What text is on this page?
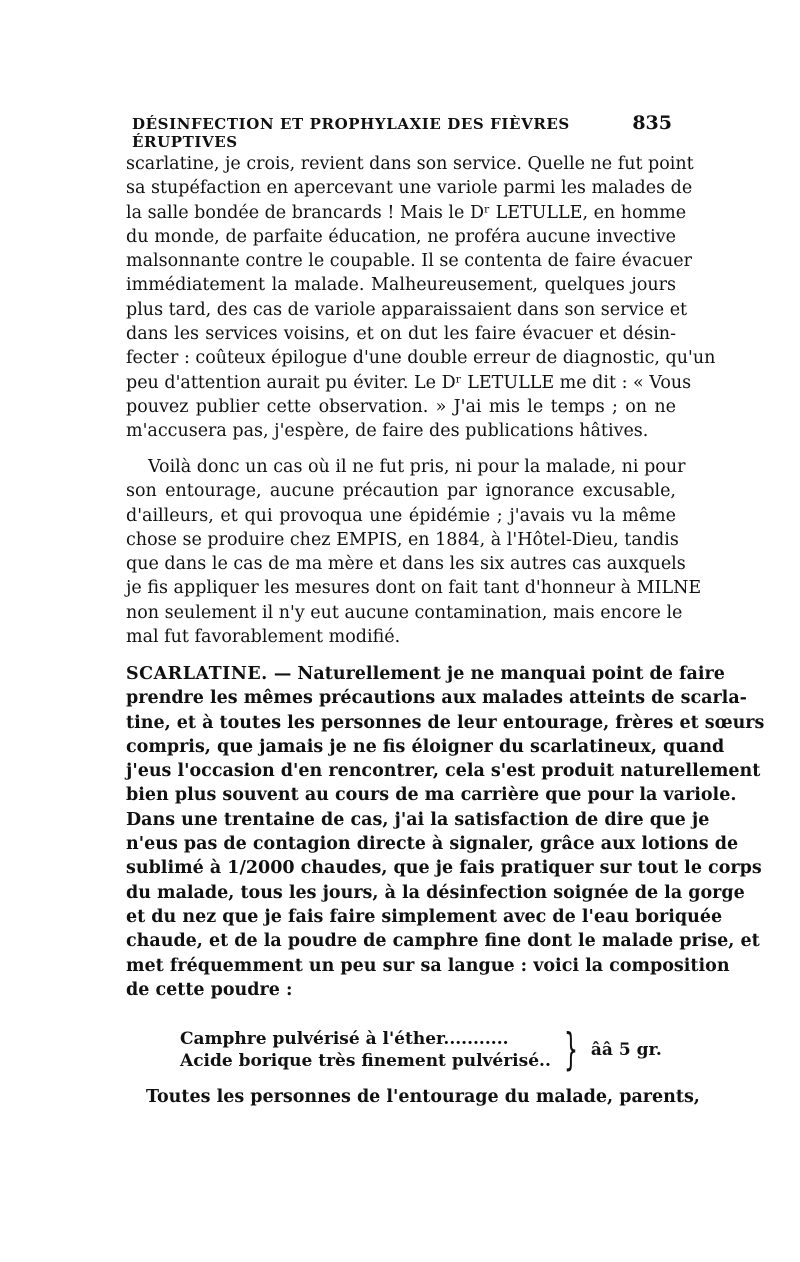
DÉSINFECTION ET PROPHYLAXIE DES FIÈVRES ÉRUPTIVES
835
scarlatine, je crois, revient dans son service. Quelle ne fut point
sa stupéfaction en apercevant une variole parmi les malades de
la salle bondée de brancards ! Mais le Dʳ LETULLE, en homme
du monde, de parfaite éducation, ne proféra aucune invective
malsonnante contre le coupable. Il se contenta de faire évacuer
immédiatement la malade. Malheureusement, quelques jours
plus tard, des cas de variole apparaissaient dans son service et
dans les services voisins, et on dut les faire évacuer et désin-
fecter : coûteux épilogue d'une double erreur de diagnostic, qu'un
peu d'attention aurait pu éviter. Le Dʳ LETULLE me dit : « Vous
pouvez publier cette observation. » J'ai mis le temps ; on ne
m'accusera pas, j'espère, de faire des publications hâtives.
Voilà donc un cas où il ne fut pris, ni pour la malade, ni pour
son entourage, aucune précaution par ignorance excusable,
d'ailleurs, et qui provoqua une épidémie ; j'avais vu la même
chose se produire chez EMPIS, en 1884, à l'Hôtel-Dieu, tandis
que dans le cas de ma mère et dans les six autres cas auxquels
je fis appliquer les mesures dont on fait tant d'honneur à MILNE
non seulement il n'y eut aucune contamination, mais encore le
mal fut favorablement modifié.
SCARLATINE. — Naturellement je ne manquai point de faire
prendre les mêmes précautions aux malades atteints de scarla-
tine, et à toutes les personnes de leur entourage, frères et sœurs
compris, que jamais je ne fis éloigner du scarlatineux, quand
j'eus l'occasion d'en rencontrer, cela s'est produit naturellement
bien plus souvent au cours de ma carrière que pour la variole.
Dans une trentaine de cas, j'ai la satisfaction de dire que je
n'eus pas de contagion directe à signaler, grâce aux lotions de
sublimé à 1/2000 chaudes, que je fais pratiquer sur tout le corps
du malade, tous les jours, à la désinfection soignée de la gorge
et du nez que je fais faire simplement avec de l'eau boriquée
chaude, et de la poudre de camphre fine dont le malade prise, et
met fréquemment un peu sur sa langue : voici la composition
de cette poudre :
Camphre pulvérisé à l'éther...........
Acide borique très finement pulvérisé.. } ââ 5 gr.
Toutes les personnes de l'entourage du malade, parents,
